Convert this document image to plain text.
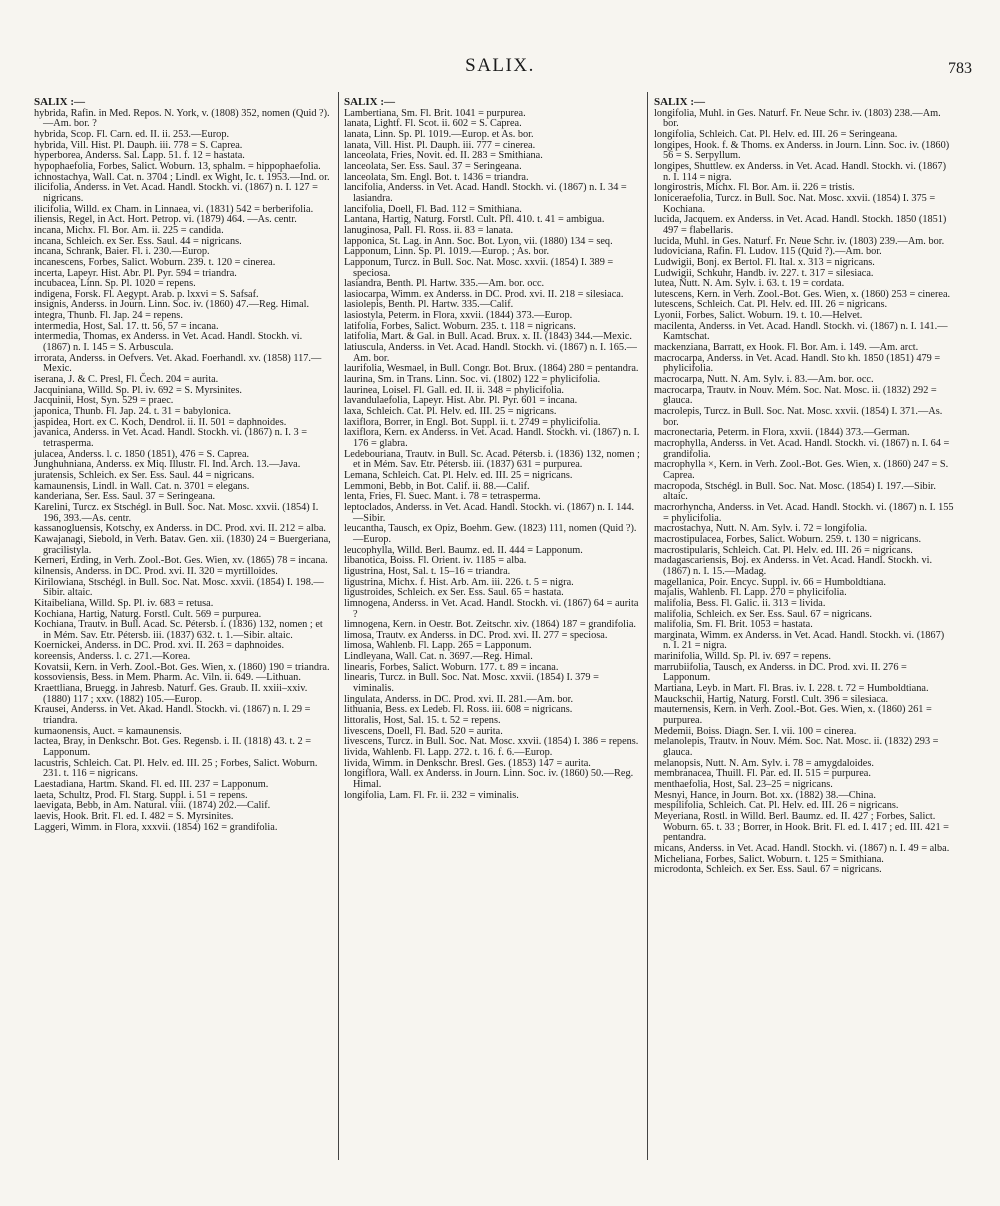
SALIX.	783
SALIX :—

hybrida, Rafin. in Med. Repos. N. York, v. (1808) 352, nomen (Quid ?).—Am. bor. ?

hybrida, Scop. Fl. Carn. ed. II. ii. 253.—Europ.

hybrida, Vill. Hist. Pl. Dauph. iii. 778 = S. Caprea.

hyperborea, Anderss. Sal. Lapp. 51. f. 12 = hastata.

hypophaefolia, Forbes, Salict. Woburn. 13, sphalm. = hippophaefolia.

ichnostachya, Wall. Cat. n. 3704 ; Lindl. ex Wight, Ic. t. 1953.—Ind. or.

ilicifolia, Anderss. in Vet. Acad. Handl. Stockh. vi. (1867) n. I. 127 = nigricans.

ilicifolia, Willd. ex Cham. in Linnaea, vi. (1831) 542 = berberifolia.

iliensis, Regel, in Act. Hort. Petrop. vi. (1879) 464. —As. centr.

incana, Michx. Fl. Bor. Am. ii. 225 = candida.

incana, Schleich. ex Ser. Ess. Saul. 44 = nigricans.

incana, Schrank, Baier. Fl. i. 230.—Europ.

incanescens, Forbes, Salict. Woburn. 239. t. 120 = cinerea.

incerta, Lapeyr. Hist. Abr. Pl. Pyr. 594 = triandra.

incubacea, Linn. Sp. Pl. 1020 = repens.

indigena, Forsk. Fl. Aegypt. Arab. p. lxxvi = S. Safsaf.

insignis, Anderss. in Journ. Linn. Soc. iv. (1860) 47.—Reg. Himal.

integra, Thunb. Fl. Jap. 24 = repens.

intermedia, Host, Sal. 17. tt. 56, 57 = incana.

intermedia, Thomas, ex Anderss. in Vet. Acad. Handl. Stockh. vi. (1867) n. I. 145 = S. Arbuscula.

irrorata, Anderss. in Oefvers. Vet. Akad. Foerhandl. xv. (1858) 117.—Mexic.

iserana, J. & C. Presl, Fl. Čech. 204 = aurita.

Jacquiniana, Willd. Sp. Pl. iv. 692 = S. Myrsinites.

Jacquinii, Host, Syn. 529 = praec.

japonica, Thunb. Fl. Jap. 24. t. 31 = babylonica.

jaspidea, Hort. ex C. Koch, Dendrol. ii. II. 501 = daphnoides.

javanica, Anderss. in Vet. Acad. Handl. Stockh. vi. (1867) n. I. 3 = tetrasperma.

julacea, Anderss. l. c. 1850 (1851), 476 = S. Caprea.

Junghuhniana, Anderss. ex Miq. Illustr. Fl. Ind. Arch. 13.—Java.

juratensis, Schleich. ex Ser. Ess. Saul. 44 = nigricans.

kamaunensis, Lindl. in Wall. Cat. n. 3701 = elegans.

kanderiana, Ser. Ess. Saul. 37 = Seringeana.

Karelini, Turcz. ex Stschégl. in Bull. Soc. Nat. Mosc. xxvii. (1854) I. 196, 393.—As. centr.

kassanogluensis, Kotschy, ex Anderss. in DC. Prod. xvi. II. 212 = alba.

Kawajanagi, Siebold, in Verh. Batav. Gen. xii. (1830) 24 = Buergeriana, gracilistyla.

Kerneri, Erding, in Verh. Zool.-Bot. Ges. Wien, xv. (1865) 78 = incana.

kilnensis, Anderss. in DC. Prod. xvi. II. 320 = myrtilloides.

Kirilowiana, Stschégl. in Bull. Soc. Nat. Mosc. xxvii. (1854) I. 198.—Sibir. altaic.

Kitaibeliana, Willd. Sp. Pl. iv. 683 = retusa.

Kochiana, Hartig, Naturg. Forstl. Cult. 569 = purpurea.

Kochiana, Trautv. in Bull. Acad. Sc. Pétersb. i. (1836) 132, nomen ; et in Mém. Sav. Etr. Pétersb. iii. (1837) 632. t. 1.—Sibir. altaic.

Koernickei, Anderss. in DC. Prod. xvi. II. 263 = daphnoides.

koreensis, Anderss. l. c. 271.—Korea.

Kovatsii, Kern. in Verh. Zool.-Bot. Ges. Wien, x. (1860) 190 = triandra.

kossoviensis, Bess. in Mem. Pharm. Ac. Viln. ii. 649. —Lithuan.

Kraettliana, Bruegg. in Jahresb. Naturf. Ges. Graub. II. xxiii–xxiv. (1880) 117 ; xxv. (1882) 105.—Europ.

Krausei, Anderss. in Vet. Akad. Handl. Stockh. vi. (1867) n. I. 29 = triandra.

kumaonensis, Auct. = kamaunensis.

lactea, Bray, in Denkschr. Bot. Ges. Regensb. i. II. (1818) 43. t. 2 = Lapponum.

lacustris, Schleich. Cat. Pl. Helv. ed. III. 25 ; Forbes, Salict. Woburn. 231. t. 116 = nigricans.

Laestadiana, Hartm. Skand. Fl. ed. III. 237 = Lapponum.

laeta, Schultz, Prod. Fl. Starg. Suppl. i. 51 = repens.

laevigata, Bebb, in Am. Natural. viii. (1874) 202.—Calif.

laevis, Hook. Brit. Fl. ed. I. 482 = S. Myrsinites.

Laggeri, Wimm. in Flora, xxxvii. (1854) 162 = grandifolia.

SALIX :—

Lambertiana, Sm. Fl. Brit. 1041 = purpurea.

lanata, Lightf. Fl. Scot. ii. 602 = S. Caprea.

lanata, Linn. Sp. Pl. 1019.—Europ. et As. bor.

lanata, Vill. Hist. Pl. Dauph. iii. 777 = cinerea.

lanceolata, Fries, Novit. ed. II. 283 = Smithiana.

lanceolata, Ser. Ess. Saul. 37 = Seringeana.

lanceolata, Sm. Engl. Bot. t. 1436 = triandra.

lancifolia, Anderss. in Vet. Acad. Handl. Stockh. vi. (1867) n. I. 34 = lasiandra.

lancifolia, Doell, Fl. Bad. 112 = Smithiana.

Lantana, Hartig, Naturg. Forstl. Cult. Pfl. 410. t. 41 = ambigua.

lanuginosa, Pall. Fl. Ross. ii. 83 = lanata.

lapponica, St. Lag. in Ann. Soc. Bot. Lyon, vii. (1880) 134 = seq.

Lapponum, Linn. Sp. Pl. 1019.—Europ. ; As. bor.

Lapponum, Turcz. in Bull. Soc. Nat. Mosc. xxvii. (1854) I. 389 = speciosa.

lasiandra, Benth. Pl. Hartw. 335.—Am. bor. occ.

lasiocarpa, Wimm. ex Anderss. in DC. Prod. xvi. II. 218 = silesiaca.

lasiolepis, Benth. Pl. Hartw. 335.—Calif.

lasiostyla, Peterm. in Flora, xxvii. (1844) 373.—Europ.

latifolia, Forbes, Salict. Woburn. 235. t. 118 = nigricans.

latifolia, Mart. & Gal. in Bull. Acad. Brux. x. II. (1843) 344.—Mexic.

latiuscula, Anderss. in Vet. Acad. Handl. Stockh. vi. (1867) n. I. 165.—Am. bor.

laurifolia, Wesmael, in Bull. Congr. Bot. Brux. (1864) 280 = pentandra.

laurina, Sm. in Trans. Linn. Soc. vi. (1802) 122 = phylicifolia.

laurinea, Loisel. Fl. Gall. ed. II. ii. 348 = phylicifolia.

lavandulaefolia, Lapeyr. Hist. Abr. Pl. Pyr. 601 = incana.

laxa, Schleich. Cat. Pl. Helv. ed. III. 25 = nigricans.

laxiflora, Borrer, in Engl. Bot. Suppl. ii. t. 2749 = phylicifolia.

laxiflora, Kern. ex Anderss. in Vet. Acad. Handl. Stockh. vi. (1867) n. I. 176 = glabra.

Ledebouriana, Trautv. in Bull. Sc. Acad. Pétersb. i. (1836) 132, nomen ; et in Mém. Sav. Etr. Pétersb. iii. (1837) 631 = purpurea.

Lemana, Schleich. Cat. Pl. Helv. ed. III. 25 = nigricans.

Lemmoni, Bebb, in Bot. Calif. ii. 88.—Calif.

lenta, Fries, Fl. Suec. Mant. i. 78 = tetrasperma.

leptoclados, Anderss. in Vet. Acad. Handl. Stockh. vi. (1867) n. I. 144.—Sibir.

leucantha, Tausch, ex Opiz, Boehm. Gew. (1823) 111, nomen (Quid ?).—Europ.

leucophylla, Willd. Berl. Baumz. ed. II. 444 = Lapponum.

libanotica, Boiss. Fl. Orient. iv. 1185 = alba.

ligustrina, Host, Sal. t. 15–16 = triandra.

ligustrina, Michx. f. Hist. Arb. Am. iii. 226. t. 5 = nigra.

ligustroides, Schleich. ex Ser. Ess. Saul. 65 = hastata.

limnogena, Anderss. in Vet. Acad. Handl. Stockh. vi. (1867) 64 = aurita ?

limnogena, Kern. in Oestr. Bot. Zeitschr. xiv. (1864) 187 = grandifolia.

limosa, Trautv. ex Anderss. in DC. Prod. xvi. II. 277 = speciosa.

limosa, Wahlenb. Fl. Lapp. 265 = Lapponum.

Lindleyana, Wall. Cat. n. 3697.—Reg. Himal.

linearis, Forbes, Salict. Woburn. 177. t. 89 = incana.

linearis, Turcz. in Bull. Soc. Nat. Mosc. xxvii. (1854) I. 379 = viminalis.

lingulata, Anderss. in DC. Prod. xvi. II. 281.—Am. bor.

lithuania, Bess. ex Ledeb. Fl. Ross. iii. 608 = nigricans.

littoralis, Host, Sal. 15. t. 52 = repens.

livescens, Doell, Fl. Bad. 520 = aurita.

livescens, Turcz. in Bull. Soc. Nat. Mosc. xxvii. (1854) I. 386 = repens.

livida, Wahlenb. Fl. Lapp. 272. t. 16. f. 6.—Europ.

livida, Wimm. in Denkschr. Bresl. Ges. (1853) 147 = aurita.

longiflora, Wall. ex Anderss. in Journ. Linn. Soc. iv. (1860) 50.—Reg. Himal.

longifolia, Lam. Fl. Fr. ii. 232 = viminalis.

SALIX :—

longifolia, Muhl. in Ges. Naturf. Fr. Neue Schr. iv. (1803) 238.—Am. bor.

longifolia, Schleich. Cat. Pl. Helv. ed. III. 26 = Seringeana.

longipes, Hook. f. & Thoms. ex Anderss. in Journ. Linn. Soc. iv. (1860) 56 = S. Serpyllum.

longipes, Shuttlew. ex Anderss. in Vet. Acad. Handl. Stockh. vi. (1867) n. I. 114 = nigra.

longirostris, Michx. Fl. Bor. Am. ii. 226 = tristis.

loniceraefolia, Turcz. in Bull. Soc. Nat. Mosc. xxvii. (1854) I. 375 = Kochiana.

lucida, Jacquem. ex Anderss. in Vet. Acad. Handl. Stockh. 1850 (1851) 497 = flabellaris.

lucida, Muhl. in Ges. Naturf. Fr. Neue Schr. iv. (1803) 239.—Am. bor.

ludoviciana, Rafin. Fl. Ludov. 115 (Quid ?).—Am. bor.

Ludwigii, Bonj. ex Bertol. Fl. Ital. x. 313 = nigricans.

Ludwigii, Schkuhr, Handb. iv. 227. t. 317 = silesiaca.

lutea, Nutt. N. Am. Sylv. i. 63. t. 19 = cordata.

lutescens, Kern. in Verh. Zool.-Bot. Ges. Wien, x. (1860) 253 = cinerea.

lutescens, Schleich. Cat. Pl. Helv. ed. III. 26 = nigricans.

Lyonii, Forbes, Salict. Woburn. 19. t. 10.—Helvet.

macilenta, Anderss. in Vet. Acad. Handl. Stockh. vi. (1867) n. I. 141.—Kamtschat.

mackenziana, Barratt, ex Hook. Fl. Bor. Am. i. 149. —Am. arct.

macrocarpa, Anderss. in Vet. Acad. Handl. Sto kh. 1850 (1851) 479 = phylicifolia.

macrocarpa, Nutt. N. Am. Sylv. i. 83.—Am. bor. occ.

macrocarpa, Trautv. in Nouv. Mém. Soc. Nat. Mosc. ii. (1832) 292 = glauca.

macrolepis, Turcz. in Bull. Soc. Nat. Mosc. xxvii. (1854) I. 371.—As. bor.

macronectaria, Peterm. in Flora, xxvii. (1844) 373.—German.

macrophylla, Anderss. in Vet. Acad. Handl. Stockh. vi. (1867) n. I. 64 = grandifolia.

macrophylla ×, Kern. in Verh. Zool.-Bot. Ges. Wien, x. (1860) 247 = S. Caprea.

macropoda, Stschégl. in Bull. Soc. Nat. Mosc. (1854) I. 197.—Sibir. altaic.

macrorhyncha, Anderss. in Vet. Acad. Handl. Stockh. vi. (1867) n. I. 155 = phylicifolia.

macrostachya, Nutt. N. Am. Sylv. i. 72 = longifolia.

macrostipulacea, Forbes, Salict. Woburn. 259. t. 130 = nigricans.

macrostipularis, Schleich. Cat. Pl. Helv. ed. III. 26 = nigricans.

madagascariensis, Boj. ex Anderss. in Vet. Acad. Handl. Stockh. vi. (1867) n. I. 15.—Madag.

magellanica, Poir. Encyc. Suppl. iv. 66 = Humboldtiana.

majalis, Wahlenb. Fl. Lapp. 270 = phylicifolia.

malifolia, Bess. Fl. Galic. ii. 313 = livida.

malifolia, Schleich. ex Ser. Ess. Saul. 67 = nigricans.

malifolia, Sm. Fl. Brit. 1053 = hastata.

marginata, Wimm. ex Anderss. in Vet. Acad. Handl. Stockh. vi. (1867) n. I. 21 = nigra.

marinifolia, Willd. Sp. Pl. iv. 697 = repens.

marrubiifolia, Tausch, ex Anderss. in DC. Prod. xvi. II. 276 = Lapponum.

Martiana, Leyb. in Mart. Fl. Bras. iv. I. 228. t. 72 = Humboldtiana.

Mauckschii, Hartig, Naturg. Forstl. Cult. 396 = silesiaca.

mauternensis, Kern. in Verh. Zool.-Bot. Ges. Wien, x. (1860) 261 = purpurea.

Medemii, Boiss. Diagn. Ser. I. vii. 100 = cinerea.

melanolepis, Trautv. in Nouv. Mém. Soc. Nat. Mosc. ii. (1832) 293 = glauca.

melanopsis, Nutt. N. Am. Sylv. i. 78 = amygdaloides.

membranacea, Thuill. Fl. Par. ed. II. 515 = purpurea.

menthaefolia, Host, Sal. 23–25 = nigricans.

Mesnyi, Hance, in Journ. Bot. xx. (1882) 38.—China.

mespilifolia, Schleich. Cat. Pl. Helv. ed. III. 26 = nigricans.

Meyeriana, Rostl. in Willd. Berl. Baumz. ed. II. 427 ; Forbes, Salict. Woburn. 65. t. 33 ; Borrer, in Hook. Brit. Fl. ed. I. 417 ; ed. III. 421 = pentandra.

micans, Anderss. in Vet. Acad. Handl. Stockh. vi. (1867) n. I. 49 = alba.

Micheliana, Forbes, Salict. Woburn. t. 125 = Smithiana.

microdonta, Schleich. ex Ser. Ess. Saul. 67 = nigricans.
